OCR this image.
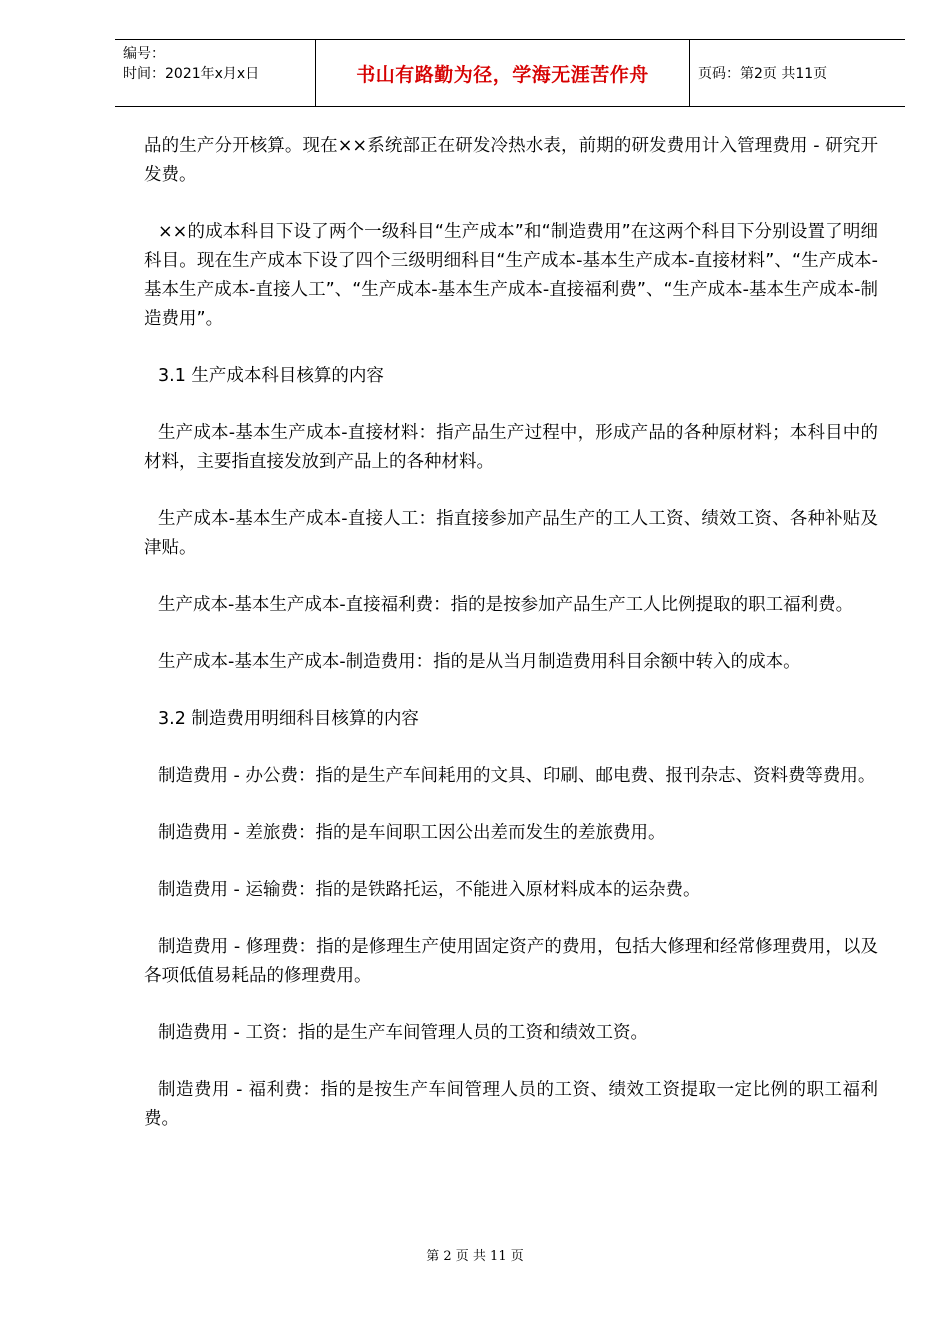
编号：
时间：2021年x月x日	书山有路勤为径，学海无涯苦作舟	页码：第2页 共11页

品的生产分开核算。现在××系统部正在研发冷热水表，前期的研发费用计入管理费用 - 研究开发费。

××的成本科目下设了两个一级科目“生产成本”和“制造费用”在这两个科目下分别设置了明细科目。现在生产成本下设了四个三级明细科目“生产成本-基本生产成本-直接材料”、“生产成本-基本生产成本-直接人工”、“生产成本-基本生产成本-直接福利费”、“生产成本-基本生产成本-制造费用”。

3.1 生产成本科目核算的内容

生产成本-基本生产成本-直接材料：指产品生产过程中，形成产品的各种原材料；本科目中的材料，主要指直接发放到产品上的各种材料。

生产成本-基本生产成本-直接人工：指直接参加产品生产的工人工资、绩效工资、各种补贴及津贴。

生产成本-基本生产成本-直接福利费：指的是按参加产品生产工人比例提取的职工福利费。

生产成本-基本生产成本-制造费用：指的是从当月制造费用科目余额中转入的成本。

3.2 制造费用明细科目核算的内容

制造费用 - 办公费：指的是生产车间耗用的文具、印刷、邮电费、报刊杂志、资料费等费用。

制造费用 - 差旅费：指的是车间职工因公出差而发生的差旅费用。

制造费用 - 运输费：指的是铁路托运，不能进入原材料成本的运杂费。

制造费用 - 修理费：指的是修理生产使用固定资产的费用，包括大修理和经常修理费用，以及各项低值易耗品的修理费用。

制造费用 - 工资：指的是生产车间管理人员的工资和绩效工资。

制造费用 - 福利费：指的是按生产车间管理人员的工资、绩效工资提取一定比例的职工福利费。

第 2 页 共 11 页
